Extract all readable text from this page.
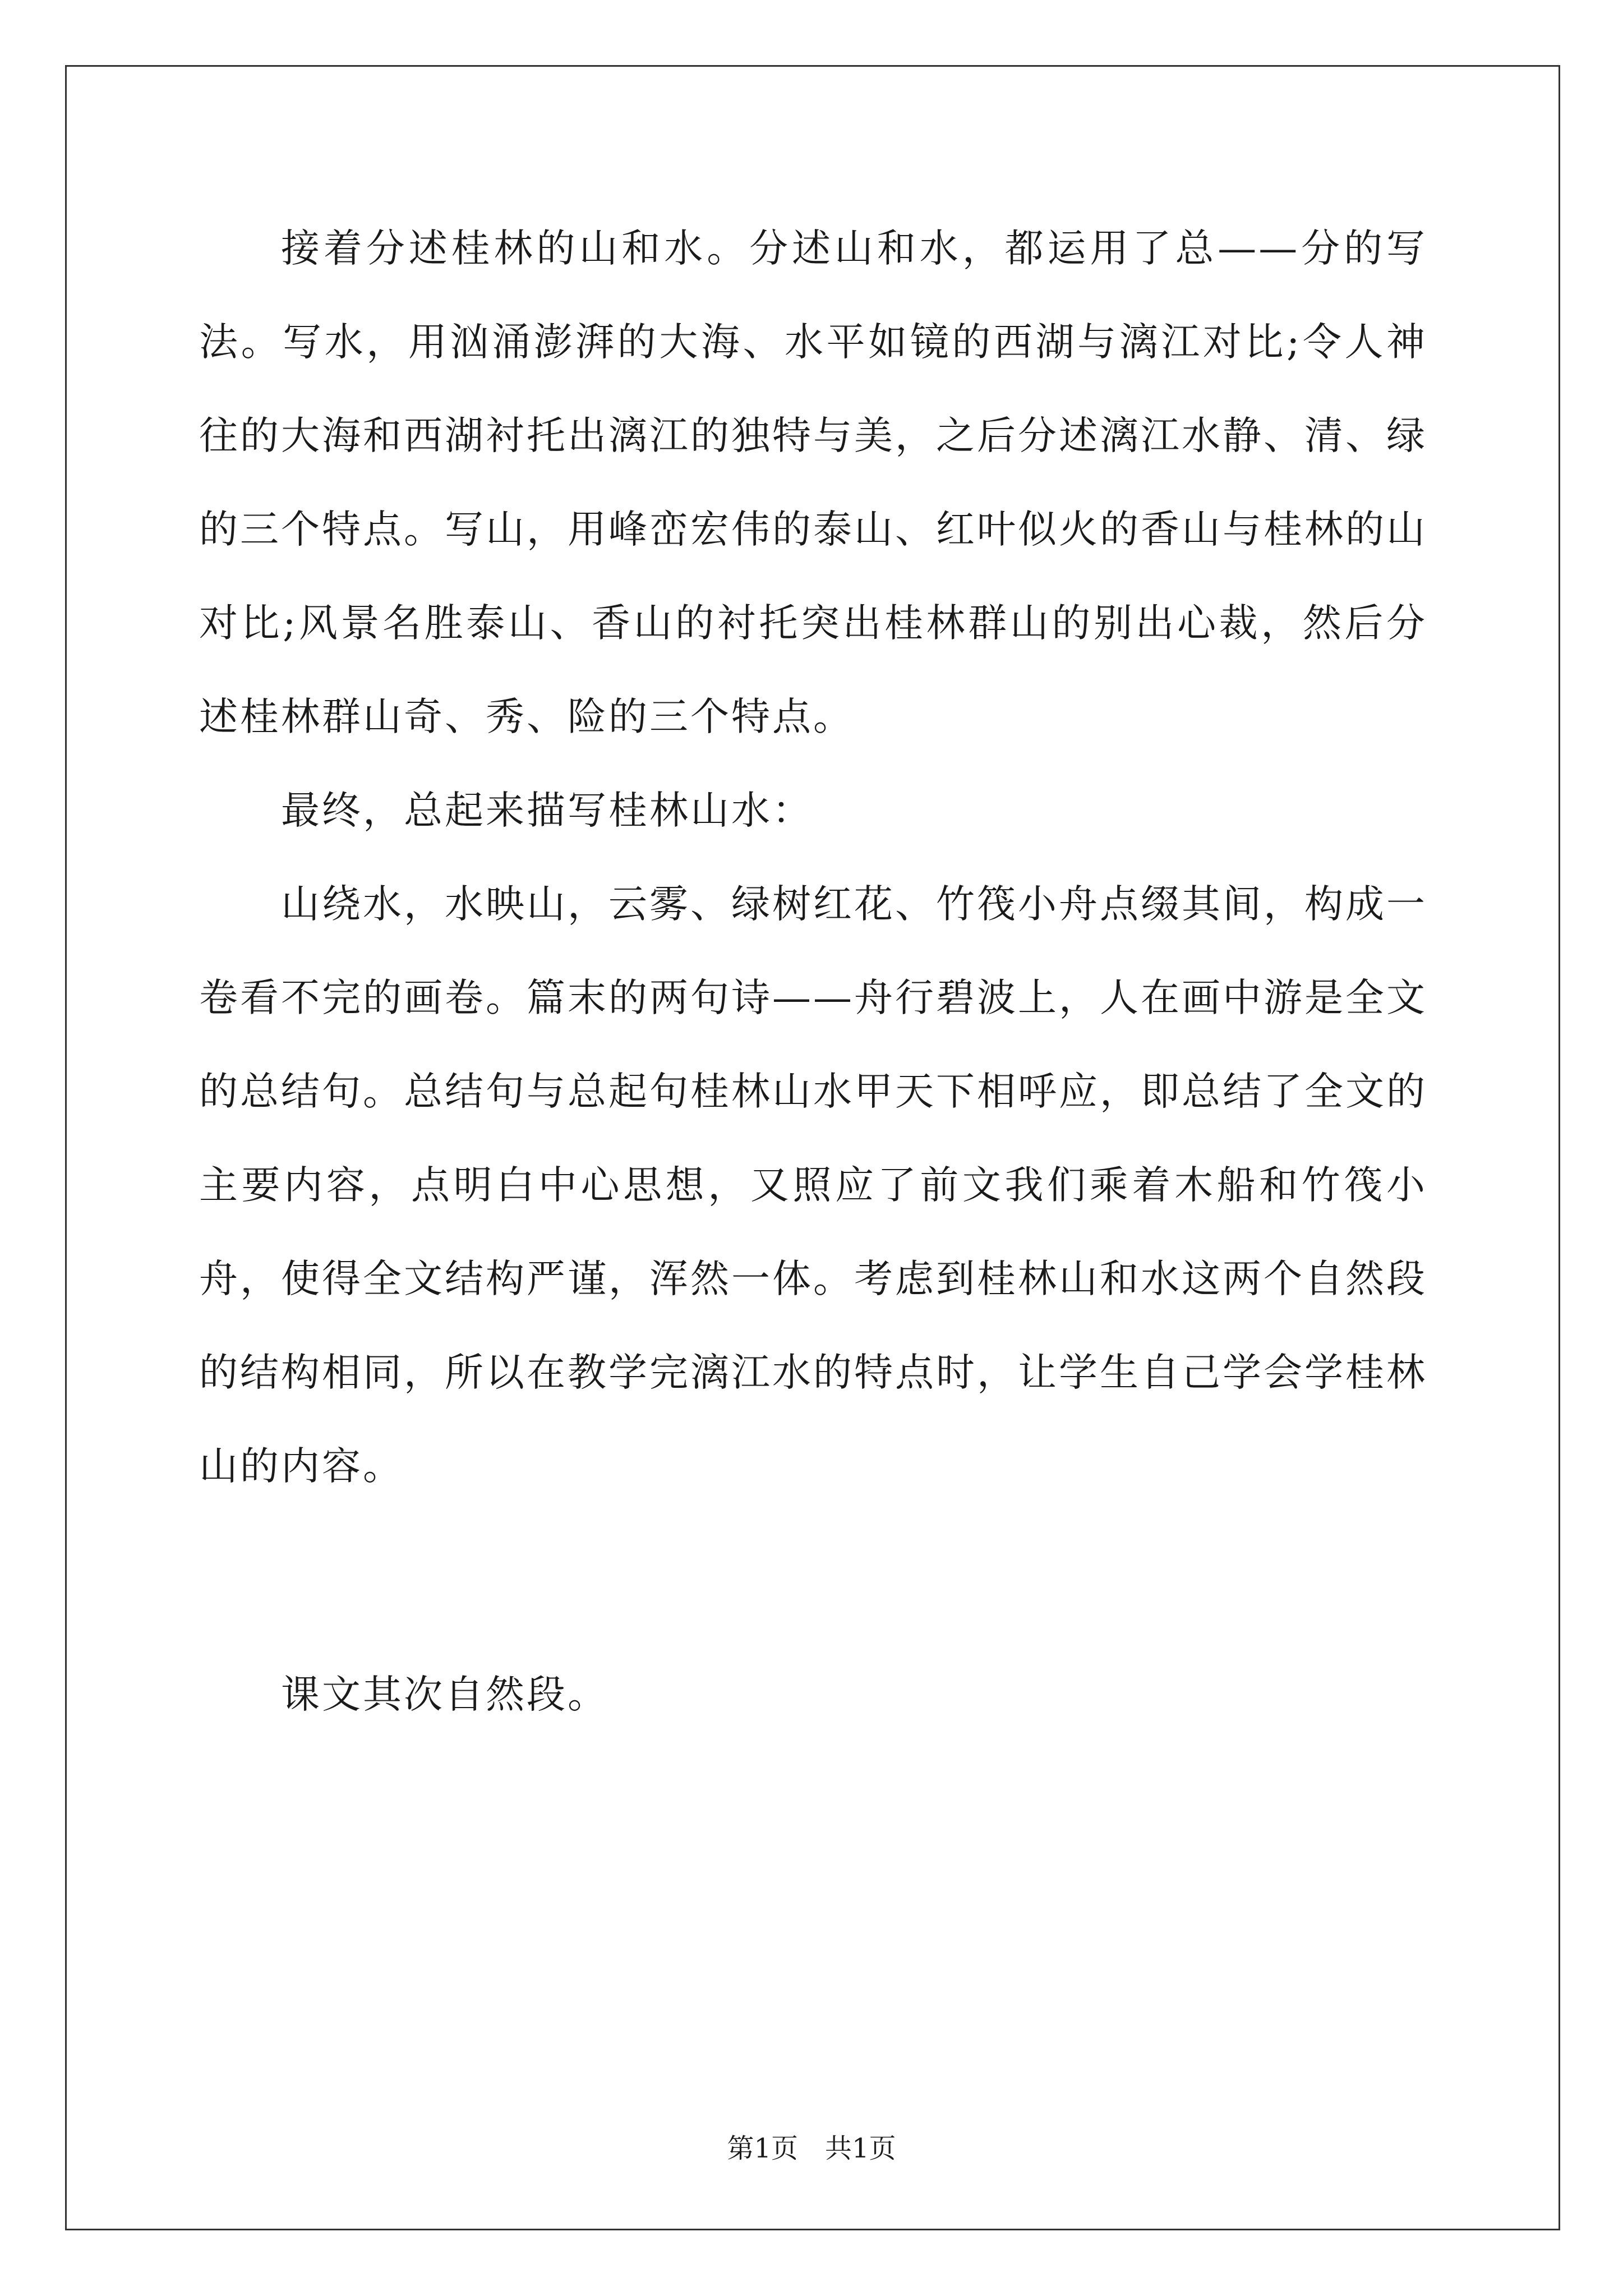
接着分述桂林的山和水。分述山和水，都运用了总——分的写法。写水，用汹涌澎湃的大海、水平如镜的西湖与漓江对比;令人神往的大海和西湖衬托出漓江的独特与美，之后分述漓江水静、清、绿的三个特点。写山，用峰峦宏伟的泰山、红叶似火的香山与桂林的山对比;风景名胜泰山、香山的衬托突出桂林群山的别出心裁，然后分述桂林群山奇、秀、险的三个特点。

最终，总起来描写桂林山水：

山绕水，水映山，云雾、绿树红花、竹筏小舟点缀其间，构成一卷看不完的画卷。篇末的两句诗——舟行碧波上，人在画中游是全文的总结句。总结句与总起句桂林山水甲天下相呼应，即总结了全文的主要内容，点明白中心思想，又照应了前文我们乘着木船和竹筏小舟，使得全文结构严谨，浑然一体。考虑到桂林山和水这两个自然段的结构相同，所以在教学完漓江水的特点时，让学生自己学会学桂林山的内容。

课文其次自然段。

第1页　共1页
